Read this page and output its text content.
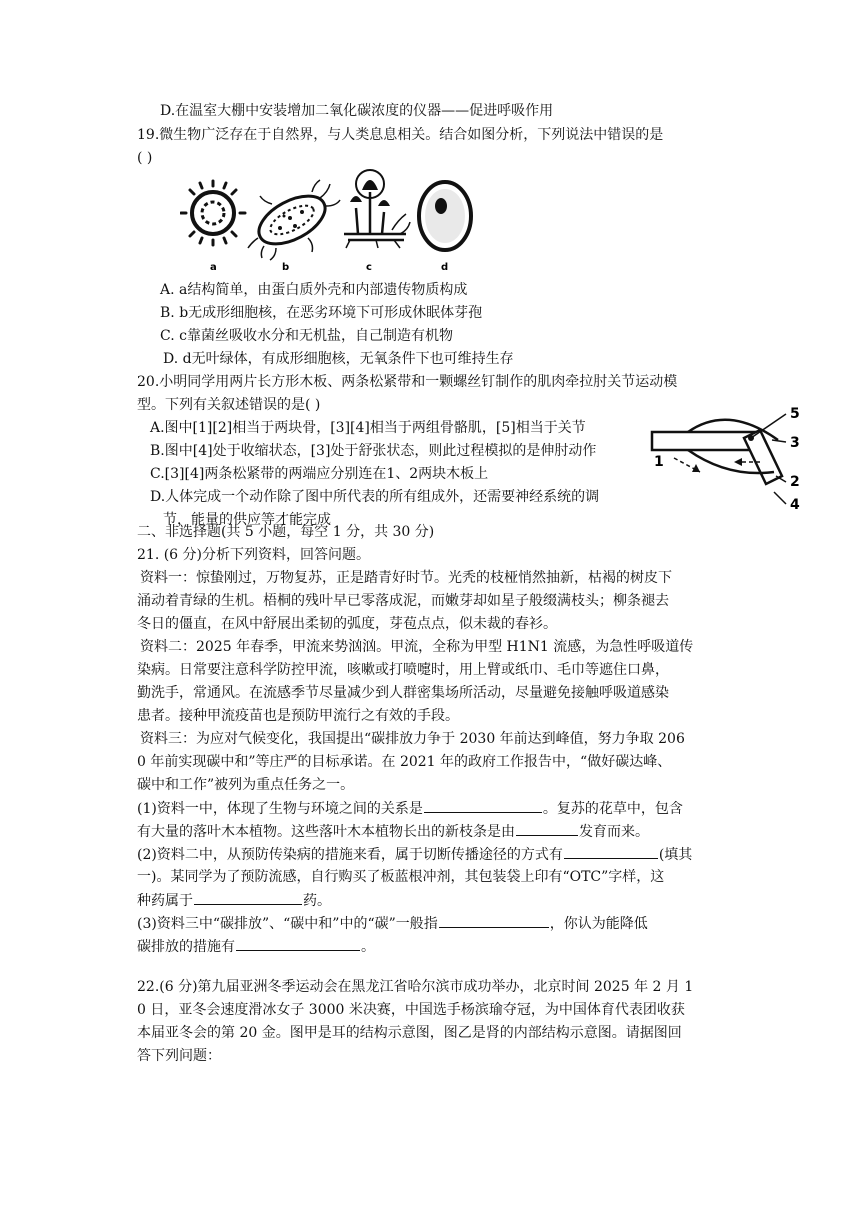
D.在温室大棚中安装增加二氧化碳浓度的仪器——促进呼吸作用
19.微生物广泛存在于自然界，与人类息息相关。结合如图分析，下列说法中错误的是
( )
a	b	c	d
A. a结构简单，由蛋白质外壳和内部遗传物质构成
B. b无成形细胞核，在恶劣环境下可形成休眠体芽孢
C. c靠菌丝吸收水分和无机盐，自己制造有机物
D. d无叶绿体，有成形细胞核，无氧条件下也可维持生存
20.小明同学用两片长方形木板、两条松紧带和一颗螺丝钉制作的肌肉牵拉肘关节运动模
型。下列有关叙述错误的是( )
A.图中[1][2]相当于两块骨，[3][4]相当于两组骨骼肌，[5]相当于关节
B.图中[4]处于收缩状态，[3]处于舒张状态，则此过程模拟的是伸肘动作
C.[3][4]两条松紧带的两端应分别连在1、2两块木板上
D.人体完成一个动作除了图中所代表的所有组成外，还需要神经系统的调
节，能量的供应等才能完成
5
3
1
2
4
二、非选择题(共 5 小题，每空 1 分，共 30 分)
21. (6 分)分析下列资料，回答问题。
资料一：惊蛰刚过，万物复苏，正是踏青好时节。光秃的枝桠悄然抽新，枯褐的树皮下
涌动着青绿的生机。梧桐的残叶早已零落成泥，而嫩芽却如星子般缀满枝头；柳条褪去
冬日的僵直，在风中舒展出柔韧的弧度，芽苞点点，似未裁的春衫。
资料二：2025 年春季，甲流来势汹汹。甲流，全称为甲型 H1N1 流感，为急性呼吸道传
染病。日常要注意科学防控甲流，咳嗽或打喷嚏时，用上臂或纸巾、毛巾等遮住口鼻，
勤洗手，常通风。在流感季节尽量减少到人群密集场所活动，尽量避免接触呼吸道感染
患者。接种甲流疫苗也是预防甲流行之有效的手段。
资料三：为应对气候变化，我国提出“碳排放力争于 2030 年前达到峰值，努力争取 206
0 年前实现碳中和”等庄严的目标承诺。在 2021 年的政府工作报告中，“做好碳达峰、
碳中和工作”被列为重点任务之一。
(1)资料一中，体现了生物与环境之间的关系是	。复苏的花草中，包含
有大量的落叶木本植物。这些落叶木本植物长出的新枝条是由	发育而来。
(2)资料二中，从预防传染病的措施来看，属于切断传播途径的方式有	(填其
一)。某同学为了预防流感，自行购买了板蓝根冲剂，其包装袋上印有“OTC”字样，这
种药属于	药。
(3)资料三中“碳排放”、“碳中和”中的“碳”一般指	，你认为能降低
碳排放的措施有	。
22.(6 分)第九届亚洲冬季运动会在黑龙江省哈尔滨市成功举办，北京时间 2025 年 2 月 1
0 日，亚冬会速度滑冰女子 3000 米决赛，中国选手杨滨瑜夺冠，为中国体育代表团收获
本届亚冬会的第 20 金。图甲是耳的结构示意图，图乙是肾的内部结构示意图。请据图回
答下列问题：
